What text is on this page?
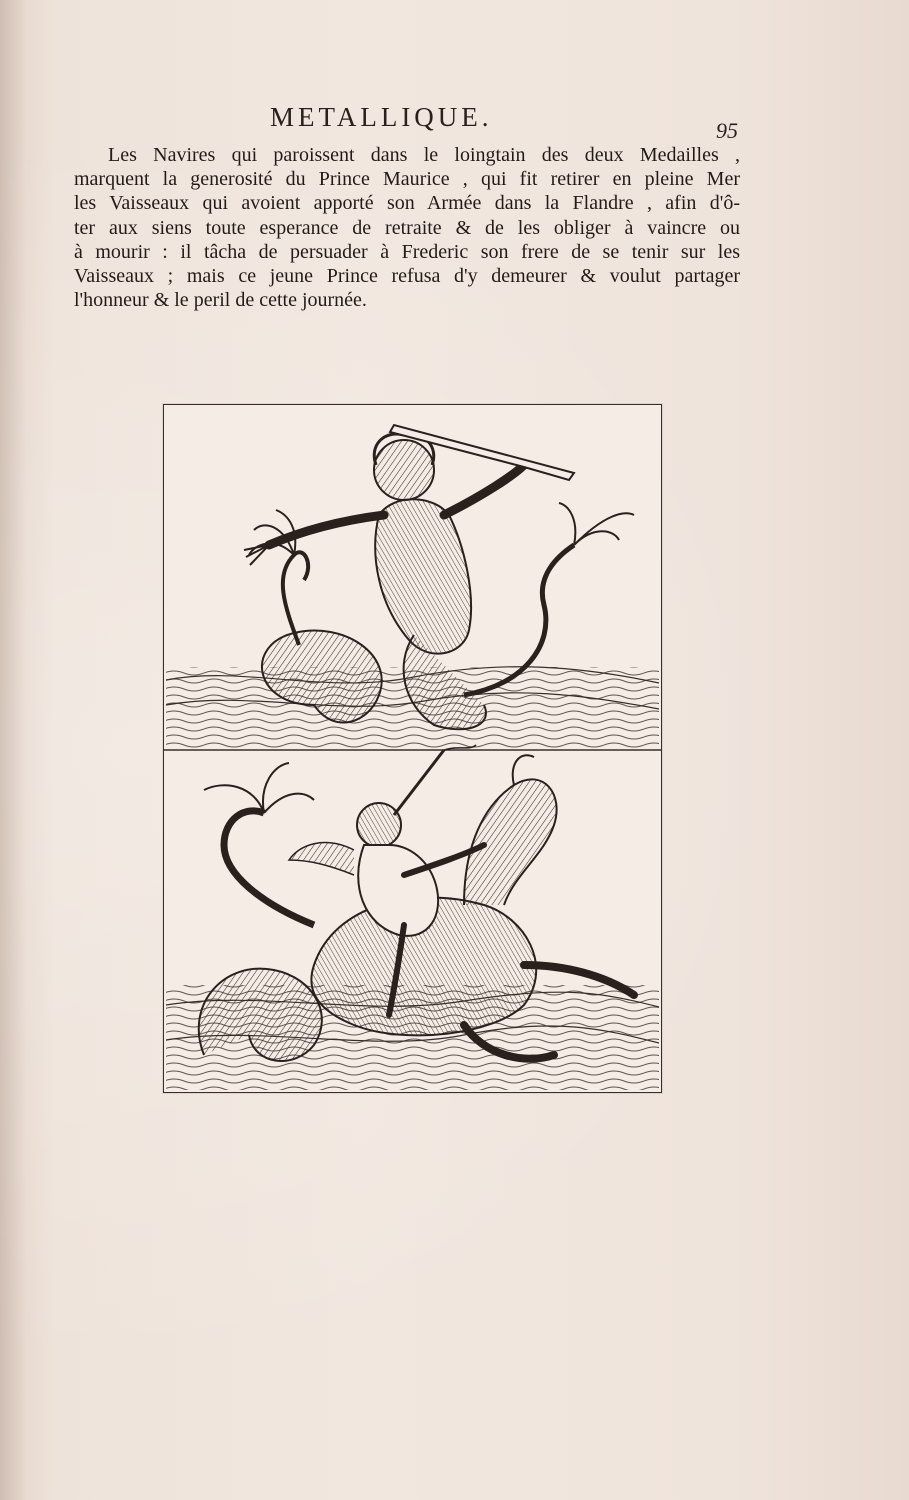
METALLIQUE.	95
Les Navires qui paroissent dans le loingtain des deux Medailles ,
marquent la generosité du Prince Maurice , qui fit retirer en pleine Mer
les Vaisseaux qui avoient apporté son Armée dans la Flandre , afin d'ô-
ter aux siens toute esperance de retraite & de les obliger à vaincre ou
à mourir : il tâcha de persuader à Frederic son frere de se tenir sur les
Vaisseaux ; mais ce jeune Prince refusa d'y demeurer & voulut partager
l'honneur & le peril de cette journée.
